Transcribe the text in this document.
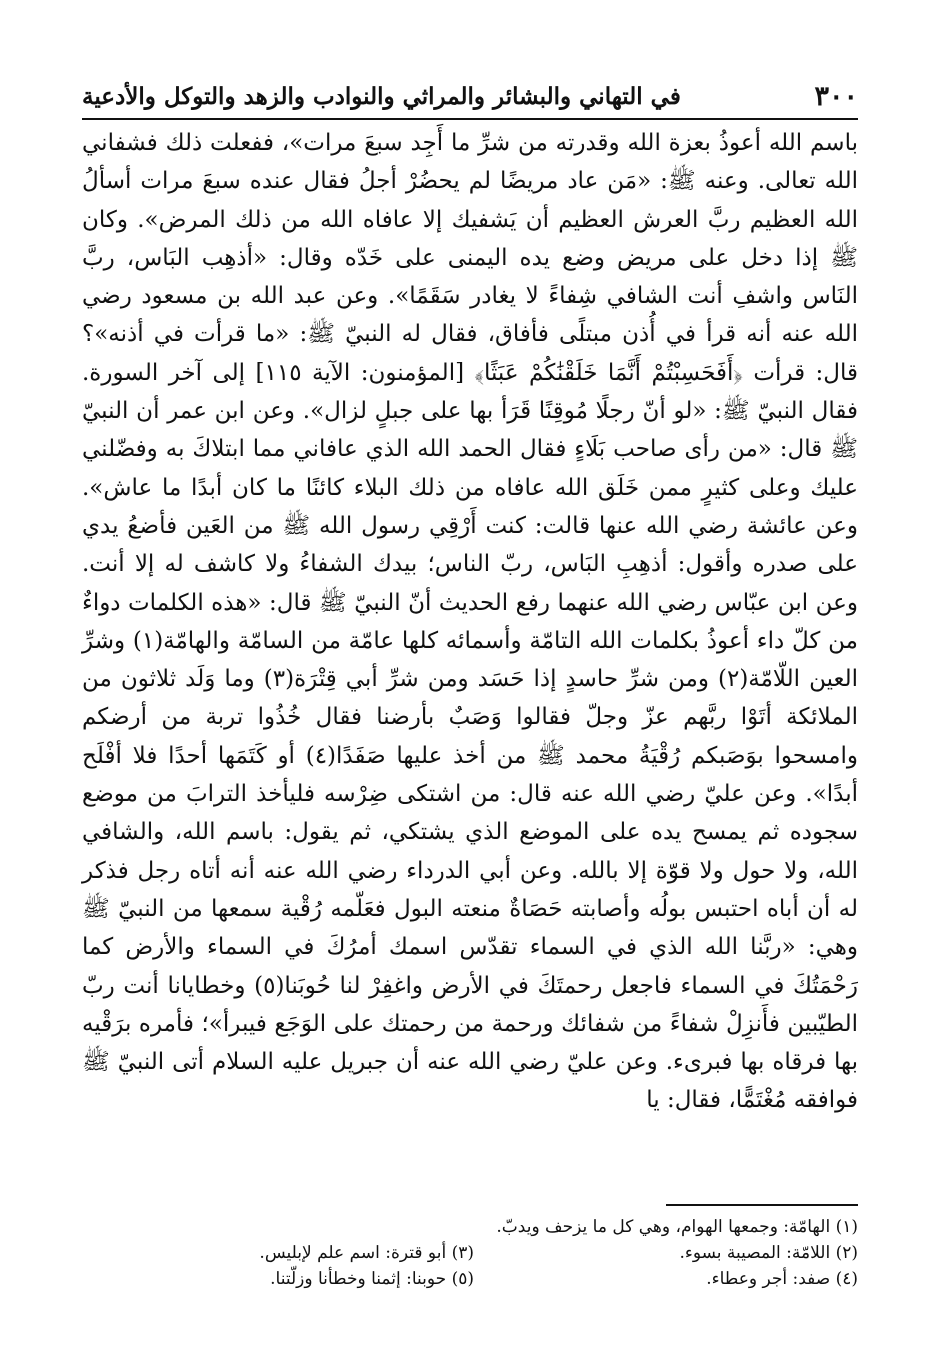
٣٠٠
في التهاني والبشائر والمراثي والنوادب والزهد والتوكل والأدعية

باسم الله أعوذُ بعزة الله وقدرته من شرِّ ما أَجِد سبعَ مرات»، ففعلت ذلك فشفاني الله تعالى. وعنه ﷺ: «مَن عاد مريضًا لم يحضُرْ أجلُ فقال عنده سبعَ مرات أسألُ الله العظيم ربَّ العرش العظيم أن يَشفيك إلا عافاه الله من ذلك المرض». وكان ﷺ إذا دخل على مريض وضع يده اليمنى على خَدّه وقال: «أذهِب البَاس، ربَّ النَاس واشفِ أنت الشافي شِفاءً لا يغادر سَقَمًا». وعن عبد الله بن مسعود رضي الله عنه أنه قرأ في أُذن مبتلًى فأفاق، فقال له النبيّ ﷺ: «ما قرأت في أذنه»؟ قال: قرأت ﴿أَفَحَسِبْتُمْ أَنَّمَا خَلَقْنَٰكُمْ عَبَثًا﴾ [المؤمنون: الآية ١١٥] إلى آخر السورة. فقال النبيّ ﷺ: «لو أنّ رجلًا مُوقِنًا قَرَأ بها على جبلٍ لزال». وعن ابن عمر أن النبيّ ﷺ قال: «من رأى صاحب بَلَاءٍ فقال الحمد الله الذي عافاني مما ابتلاكَ به وفضّلني عليك وعلى كثيرٍ ممن خَلَق الله عافاه من ذلك البلاء كائنًا ما كان أبدًا ما عاش». وعن عائشة رضي الله عنها قالت: كنت أَرْقِي رسول الله ﷺ من العَين فأضعُ يدي على صدره وأقول: أذهِبِ البَاس، ربّ الناس؛ بيدك الشفاءُ ولا كاشف له إلا أنت. وعن ابن عبّاس رضي الله عنهما رفع الحديث أنّ النبيّ ﷺ قال: «هذه الكلمات دواءٌ من كلّ داء أعوذُ بكلمات الله التامّة وأسمائه كلها عامّة من السامّة والهامّة(١) وشرِّ العين اللّامّة(٢) ومن شرِّ حاسدٍ إذا حَسَد ومن شرِّ أبي قِتْرَة(٣) وما وَلَد ثلاثون من الملائكة أتَوْا ربَّهم عزّ وجلّ فقالوا وَصَبٌ بأرضنا فقال خُذُوا تربة من أرضكم وامسحوا بوَصَبكم رُقْيَةُ محمد ﷺ من أخذ عليها صَفَدًا(٤) أو كَتَمَها أحدًا فلا أفْلَح أبدًا». وعن عليّ رضي الله عنه قال: من اشتكى ضِرْسه فليأخذ الترابَ من موضع سجوده ثم يمسح يده على الموضع الذي يشتكي، ثم يقول: باسم الله، والشافي الله، ولا حول ولا قوّة إلا بالله. وعن أبي الدرداء رضي الله عنه أنه أتاه رجل فذكر له أن أباه احتبس بولُه وأصابته حَصَاةٌ منعته البول فعَلّمه رُقْية سمعها من النبيّ ﷺ وهي: «ربَّنا الله الذي في السماء تقدّس اسمك أمرُكَ في السماء والأرض كما رَحْمَتُكَ في السماء فاجعل رحمتَكَ في الأرض واغفِرْ لنا حُوبَنا(٥) وخطايانا أنت ربّ الطيّبين فأَنزِلْ شفاءً من شفائك ورحمة من رحمتك على الوَجَع فيبرأ»؛ فأمره برَقْيه بها فرقاه بها فبرىء. وعن عليّ رضي الله عنه أن جبريل عليه السلام أتى النبيّ ﷺ فوافقه مُغْتَمًّا، فقال: يا

(١) الهامّة: وجمعها الهوام، وهي كل ما يزحف ويدبّ.
(٢) اللامّة: المصيبة بسوء.
(٣) أبو قترة: اسم علم لإبليس.
(٤) صفد: أجر وعطاء.
(٥) حوبنا: إثمنا وخطأنا وزلّتنا.
